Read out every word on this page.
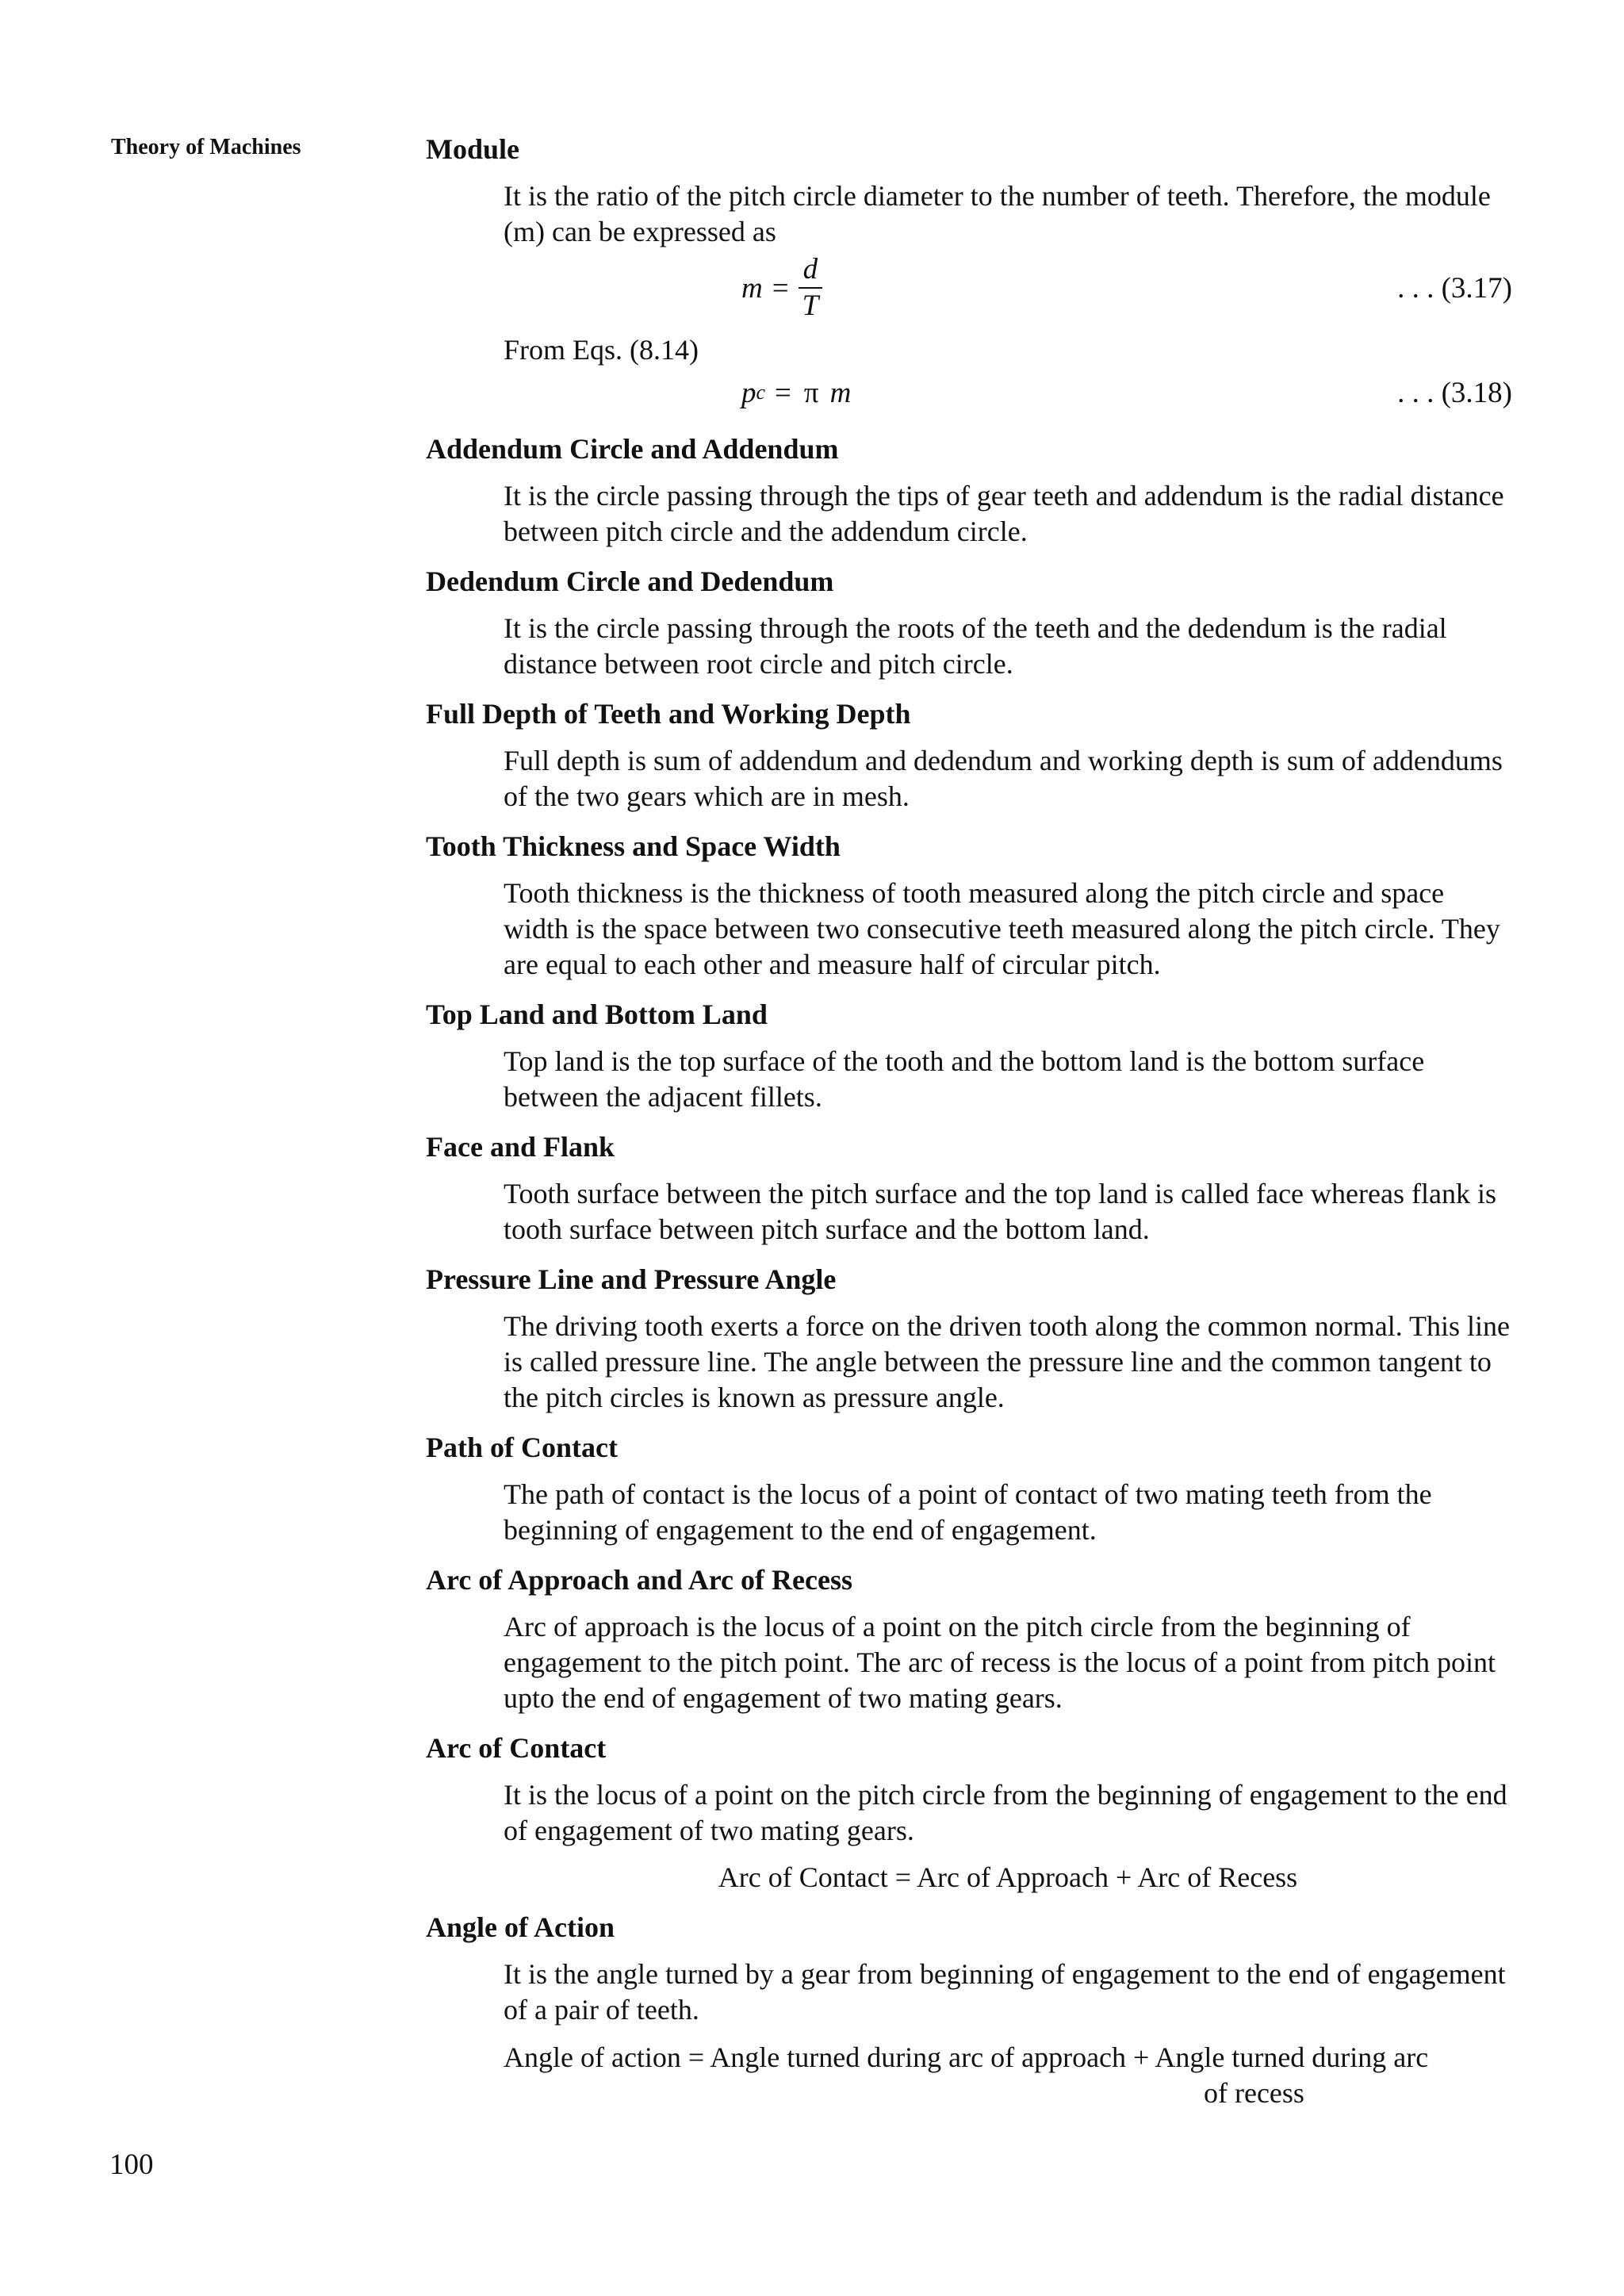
Theory of Machines	Module

It is the ratio of the pitch circle diameter to the number of teeth. Therefore, the module (m) can be expressed as

$m = \frac{d}{T}$	. . . (3.17)

From Eqs. (8.14)

p c = π m	. . . (3.18)
Addendum Circle and Addendum

It is the circle passing through the tips of gear teeth and addendum is the radial distance between pitch circle and the addendum circle.

Dedendum Circle and Dedendum

It is the circle passing through the roots of the teeth and the dedendum is the radial distance between root circle and pitch circle.

Full Depth of Teeth and Working Depth

Full depth is sum of addendum and dedendum and working depth is sum of addendums of the two gears which are in mesh.

Tooth Thickness and Space Width

Tooth thickness is the thickness of tooth measured along the pitch circle and space width is the space between two consecutive teeth measured along the pitch circle. They are equal to each other and measure half of circular pitch.

Top Land and Bottom Land

Top land is the top surface of the tooth and the bottom land is the bottom surface between the adjacent fillets.

Face and Flank

Tooth surface between the pitch surface and the top land is called face whereas flank is tooth surface between pitch surface and the bottom land.

Pressure Line and Pressure Angle

The driving tooth exerts a force on the driven tooth along the common normal. This line is called pressure line. The angle between the pressure line and the common tangent to the pitch circles is known as pressure angle.

Path of Contact

The path of contact is the locus of a point of contact of two mating teeth from the beginning of engagement to the end of engagement.

Arc of Approach and Arc of Recess

Arc of approach is the locus of a point on the pitch circle from the beginning of engagement to the pitch point. The arc of recess is the locus of a point from pitch point upto the end of engagement of two mating gears.

Arc of Contact

It is the locus of a point on the pitch circle from the beginning of engagement to the end of engagement of two mating gears.

Arc of Contact = Arc of Approach + Arc of Recess
Angle of Action

It is the angle turned by a gear from beginning of engagement to the end of engagement of a pair of teeth.

Angle of action = Angle turned during arc of approach + Angle turned during arc
of recess
100
